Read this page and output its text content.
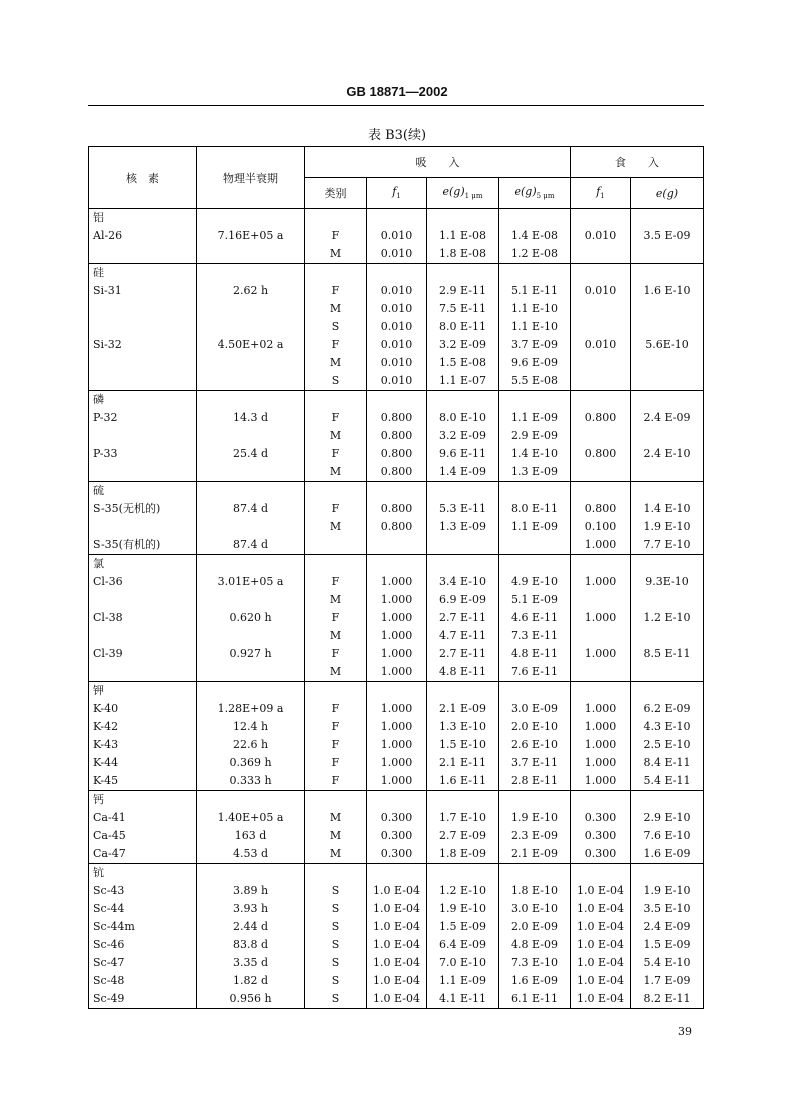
GB 18871—2002
表 B3(续)
核　素	物理半衰期	吸　　入				食　　入	
		类别	$f_1$	$e(g)_{1 \mu m}$	$e(g)_{5 \mu m}$	$f_1$	e(g)
铝							
Al-26	7.16E+05 a	F	0.010	1.1 E-08	1.4 E-08	0.010	3.5 E-09
		M	0.010	1.8 E-08	1.2 E-08		
硅							
Si-31	2.62 h	F	0.010	2.9 E-11	5.1 E-11	0.010	1.6 E-10
		M	0.010	7.5 E-11	1.1 E-10		
		S	0.010	8.0 E-11	1.1 E-10		
Si-32	4.50E+02 a	F	0.010	3.2 E-09	3.7 E-09	0.010	5.6E-10
		M	0.010	1.5 E-08	9.6 E-09		
		S	0.010	1.1 E-07	5.5 E-08		
磷							
P-32	14.3 d	F	0.800	8.0 E-10	1.1 E-09	0.800	2.4 E-09
		M	0.800	3.2 E-09	2.9 E-09		
P-33	25.4 d	F	0.800	9.6 E-11	1.4 E-10	0.800	2.4 E-10
		M	0.800	1.4 E-09	1.3 E-09		
硫							
S-35(无机的)	87.4 d	F	0.800	5.3 E-11	8.0 E-11	0.800	1.4 E-10
		M	0.800	1.3 E-09	1.1 E-09	0.100	1.9 E-10
S-35(有机的)	87.4 d					1.000	7.7 E-10
氯							
Cl-36	3.01E+05 a	F	1.000	3.4 E-10	4.9 E-10	1.000	9.3E-10
		M	1.000	6.9 E-09	5.1 E-09		
Cl-38	0.620 h	F	1.000	2.7 E-11	4.6 E-11	1.000	1.2 E-10
		M	1.000	4.7 E-11	7.3 E-11		
Cl-39	0.927 h	F	1.000	2.7 E-11	4.8 E-11	1.000	8.5 E-11
		M	1.000	4.8 E-11	7.6 E-11		
钾							
K-40	1.28E+09 a	F	1.000	2.1 E-09	3.0 E-09	1.000	6.2 E-09
K-42	12.4 h	F	1.000	1.3 E-10	2.0 E-10	1.000	4.3 E-10
K-43	22.6 h	F	1.000	1.5 E-10	2.6 E-10	1.000	2.5 E-10
K-44	0.369 h	F	1.000	2.1 E-11	3.7 E-11	1.000	8.4 E-11
K-45	0.333 h	F	1.000	1.6 E-11	2.8 E-11	1.000	5.4 E-11
钙							
Ca-41	1.40E+05 a	M	0.300	1.7 E-10	1.9 E-10	0.300	2.9 E-10
Ca-45	163 d	M	0.300	2.7 E-09	2.3 E-09	0.300	7.6 E-10
Ca-47	4.53 d	M	0.300	1.8 E-09	2.1 E-09	0.300	1.6 E-09
钪							
Sc-43	3.89 h	S	1.0 E-04	1.2 E-10	1.8 E-10	1.0 E-04	1.9 E-10
Sc-44	3.93 h	S	1.0 E-04	1.9 E-10	3.0 E-10	1.0 E-04	3.5 E-10
Sc-44m	2.44 d	S	1.0 E-04	1.5 E-09	2.0 E-09	1.0 E-04	2.4 E-09
Sc-46	83.8 d	S	1.0 E-04	6.4 E-09	4.8 E-09	1.0 E-04	1.5 E-09
Sc-47	3.35 d	S	1.0 E-04	7.0 E-10	7.3 E-10	1.0 E-04	5.4 E-10
Sc-48	1.82 d	S	1.0 E-04	1.1 E-09	1.6 E-09	1.0 E-04	1.7 E-09
Sc-49	0.956 h	S	1.0 E-04	4.1 E-11	6.1 E-11	1.0 E-04	8.2 E-11
39
